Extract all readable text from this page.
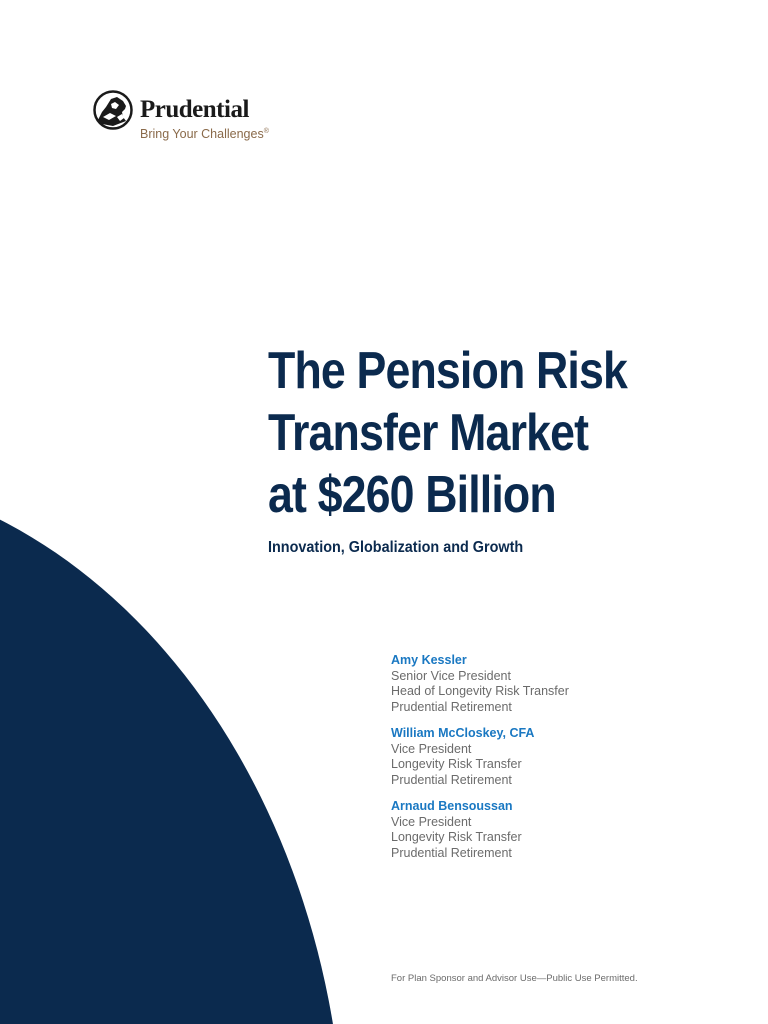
Prudential
Bring Your Challenges®
The Pension Risk
Transfer Market
at $260 Billion
Innovation, Globalization and Growth
Amy Kessler
Senior Vice President
Head of Longevity Risk Transfer
Prudential Retirement
William McCloskey, CFA
Vice President
Longevity Risk Transfer
Prudential Retirement
Arnaud Bensoussan
Vice President
Longevity Risk Transfer
Prudential Retirement
For Plan Sponsor and Advisor Use—Public Use Permitted.
